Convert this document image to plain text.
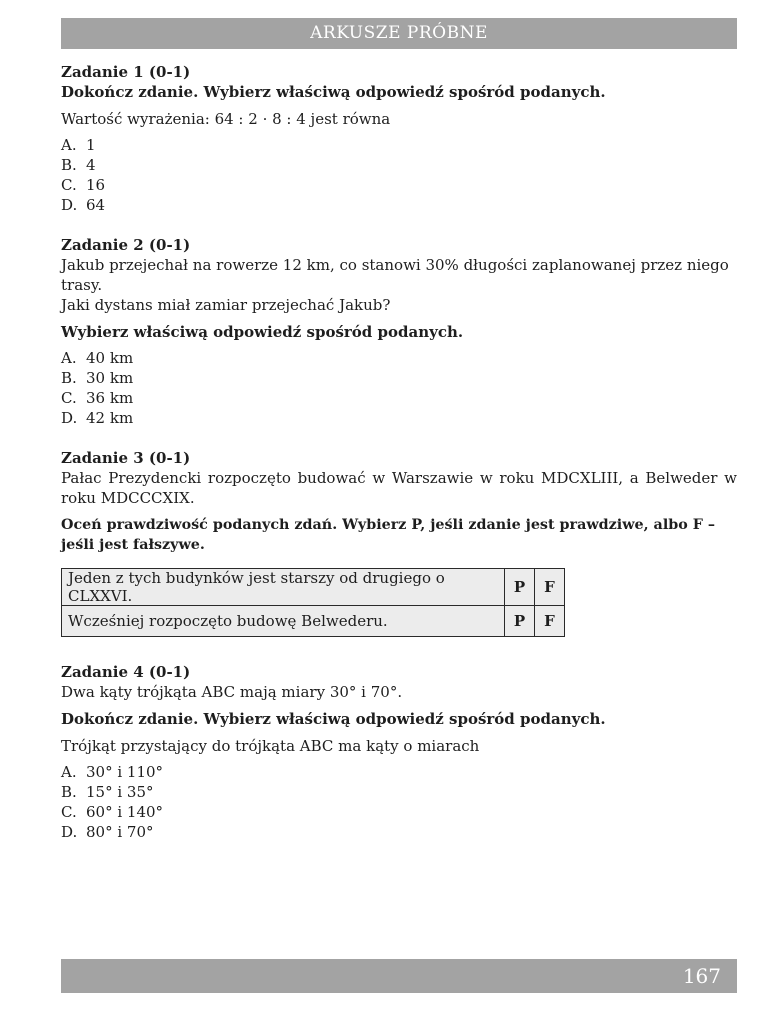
ARKUSZE PRÓBNE

Zadanie 1 (0-1)

Dokończ zdanie. Wybierz właściwą odpowiedź spośród podanych.

Wartość wyrażenia: 64 : 2 · 8 : 4 jest równa

A. 1
B. 4
C. 16
D. 64

Zadanie 2 (0-1)

Jakub przejechał na rowerze 12 km, co stanowi 30% długości zaplanowanej przez niego trasy.

Jaki dystans miał zamiar przejechać Jakub?

Wybierz właściwą odpowiedź spośród podanych.

A. 40 km
B. 30 km
C. 36 km
D. 42 km

Zadanie 3 (0-1)

Pałac Prezydencki rozpoczęto budować w Warszawie w roku MDCXLIII, a Belweder w roku MDCCCXIX.

Oceń prawdziwość podanych zdań. Wybierz P, jeśli zdanie jest prawdziwe, albo F – jeśli jest fałszywe.

Jeden z tych budynków jest starszy od drugiego o CLXXVI.	P	F
Wcześniej rozpoczęto budowę Belwederu.	P	F

Zadanie 4 (0-1)

Dwa kąty trójkąta ABC mają miary 30° i 70°.

Dokończ zdanie. Wybierz właściwą odpowiedź spośród podanych.

Trójkąt przystający do trójkąta ABC ma kąty o miarach

A. 30° i 110°
B. 15° i 35°
C. 60° i 140°
D. 80° i 70°
167
